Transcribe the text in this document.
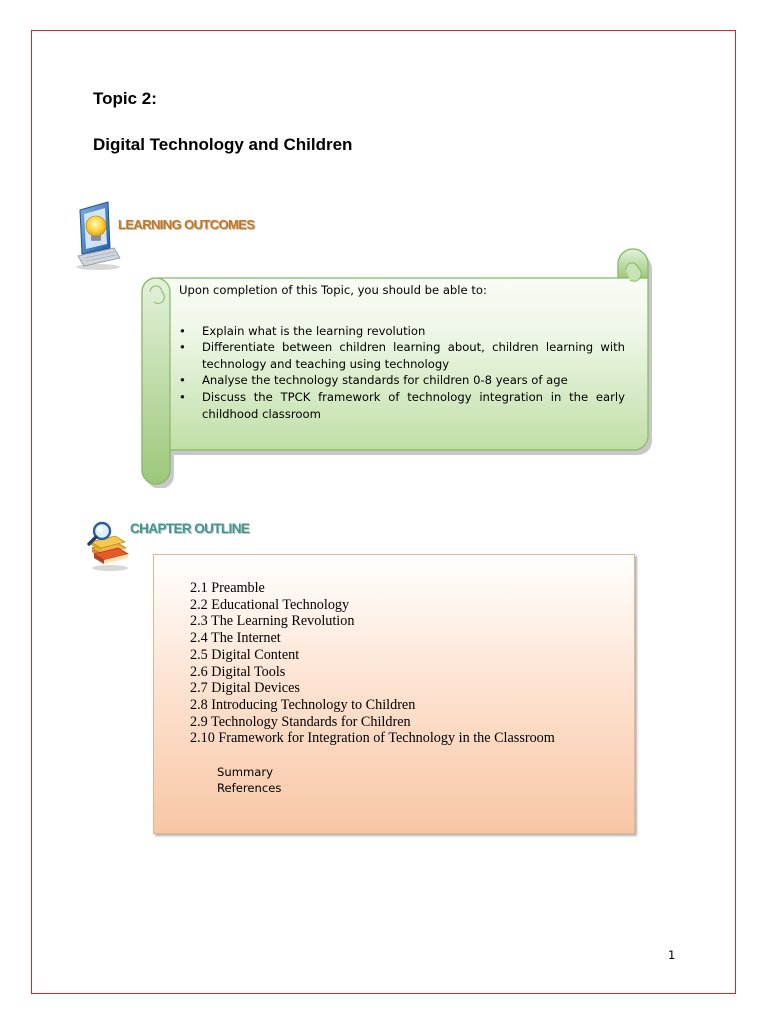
Topic 2:
Digital Technology and Children
LEARNING OUTCOMES

Upon completion of this Topic, you should be able to:

• Explain what is the learning revolution
• Differentiate between children learning about, children learning with technology and teaching using technology
• Analyse the technology standards for children 0-8 years of age
• Discuss the TPCK framework of technology integration in the early childhood classroom
CHAPTER OUTLINE
2.1 Preamble
2.2 Educational Technology
2.3 The Learning Revolution
2.4 The Internet
2.5 Digital Content
2.6 Digital Tools
2.7 Digital Devices
2.8 Introducing Technology to Children
2.9 Technology Standards for Children
2.10 Framework for Integration of Technology in the Classroom
Summary
References
1
